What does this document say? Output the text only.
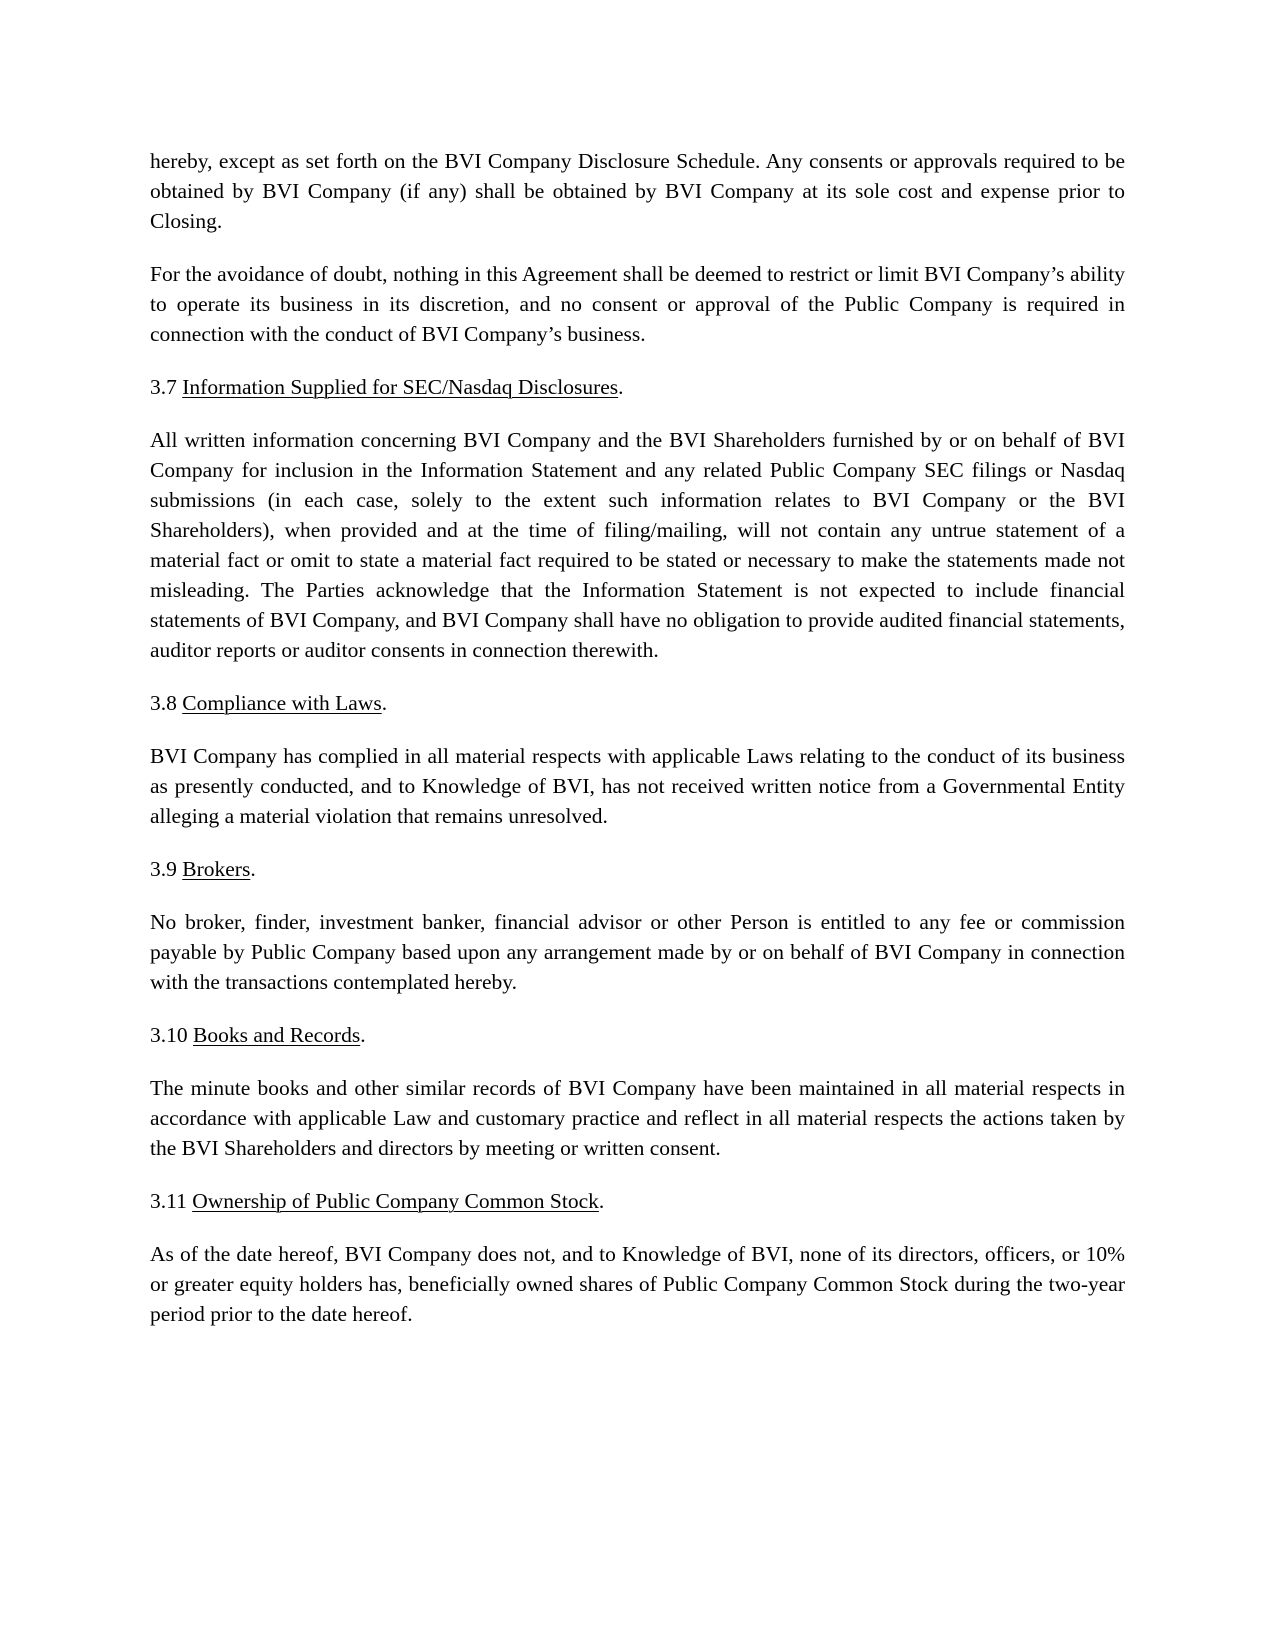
hereby, except as set forth on the BVI Company Disclosure Schedule. Any consents or approvals required to be obtained by BVI Company (if any) shall be obtained by BVI Company at its sole cost and expense prior to Closing.

For the avoidance of doubt, nothing in this Agreement shall be deemed to restrict or limit BVI Company’s ability to operate its business in its discretion, and no consent or approval of the Public Company is required in connection with the conduct of BVI Company’s business.

3.7 Information Supplied for SEC/Nasdaq Disclosures.

All written information concerning BVI Company and the BVI Shareholders furnished by or on behalf of BVI Company for inclusion in the Information Statement and any related Public Company SEC filings or Nasdaq submissions (in each case, solely to the extent such information relates to BVI Company or the BVI Shareholders), when provided and at the time of filing/mailing, will not contain any untrue statement of a material fact or omit to state a material fact required to be stated or necessary to make the statements made not misleading. The Parties acknowledge that the Information Statement is not expected to include financial statements of BVI Company, and BVI Company shall have no obligation to provide audited financial statements, auditor reports or auditor consents in connection therewith.

3.8 Compliance with Laws.

BVI Company has complied in all material respects with applicable Laws relating to the conduct of its business as presently conducted, and to Knowledge of BVI, has not received written notice from a Governmental Entity alleging a material violation that remains unresolved.

3.9 Brokers.

No broker, finder, investment banker, financial advisor or other Person is entitled to any fee or commission payable by Public Company based upon any arrangement made by or on behalf of BVI Company in connection with the transactions contemplated hereby.

3.10 Books and Records.

The minute books and other similar records of BVI Company have been maintained in all material respects in accordance with applicable Law and customary practice and reflect in all material respects the actions taken by the BVI Shareholders and directors by meeting or written consent.

3.11 Ownership of Public Company Common Stock.

As of the date hereof, BVI Company does not, and to Knowledge of BVI, none of its directors, officers, or 10% or greater equity holders has, beneficially owned shares of Public Company Common Stock during the two-year period prior to the date hereof.
